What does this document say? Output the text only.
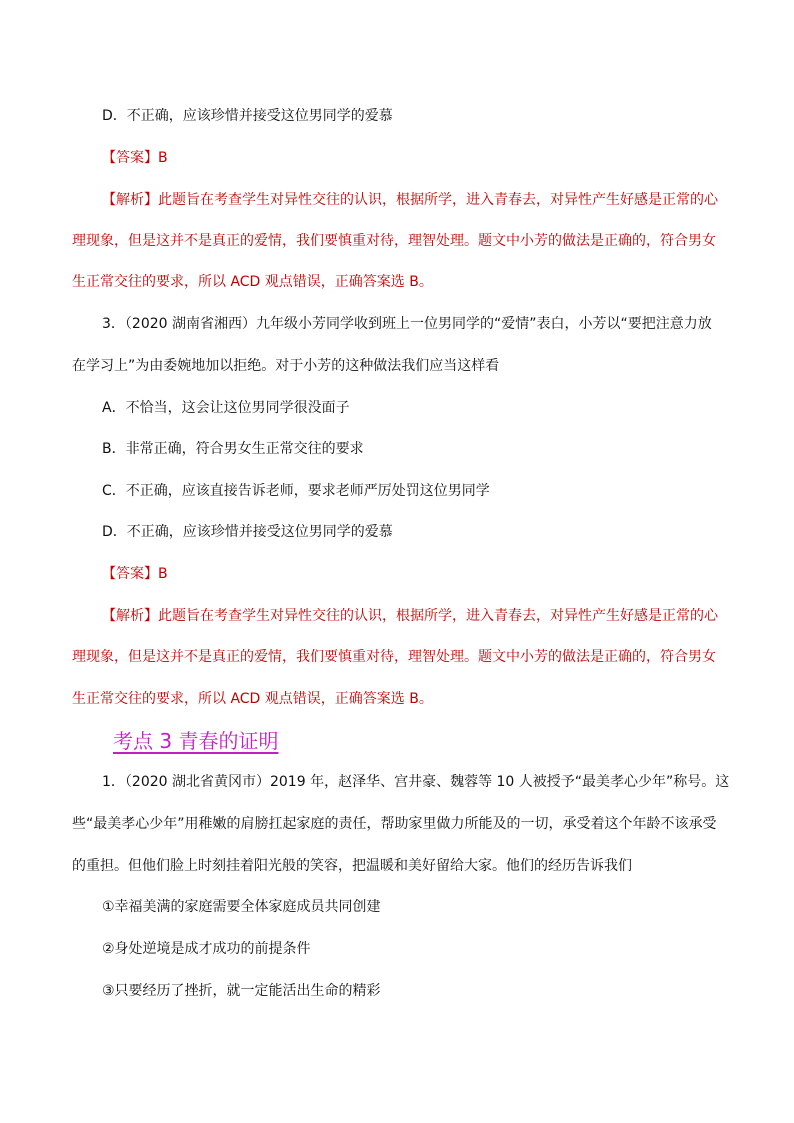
D．不正确，应该珍惜并接受这位男同学的爱慕
【答案】B
【解析】此题旨在考查学生对异性交往的认识，根据所学，进入青春去，对异性产生好感是正常的心
理现象，但是这并不是真正的爱情，我们要慎重对待，理智处理。题文中小芳的做法是正确的，符合男女
生正常交往的要求，所以 ACD 观点错误，正确答案选 B。
3．（2020 湖南省湘西）九年级小芳同学收到班上一位男同学的“爱情”表白，小芳以“要把注意力放
在学习上”为由委婉地加以拒绝。对于小芳的这种做法我们应当这样看
A．不恰当，这会让这位男同学很没面子
B．非常正确，符合男女生正常交往的要求
C．不正确，应该直接告诉老师，要求老师严厉处罚这位男同学
D．不正确，应该珍惜并接受这位男同学的爱慕
【答案】B
【解析】此题旨在考查学生对异性交往的认识，根据所学，进入青春去，对异性产生好感是正常的心
理现象，但是这并不是真正的爱情，我们要慎重对待，理智处理。题文中小芳的做法是正确的，符合男女
生正常交往的要求，所以 ACD 观点错误，正确答案选 B。
考点 3 青春的证明
1．（2020 湖北省黄冈市）2019 年，赵泽华、宫井豪、魏蓉等 10 人被授予“最美孝心少年”称号。这
些“最美孝心少年”用稚嫩的肩膀扛起家庭的责任，帮助家里做力所能及的一切，承受着这个年龄不该承受
的重担。但他们脸上时刻挂着阳光般的笑容，把温暖和美好留给大家。他们的经历告诉我们
①幸福美满的家庭需要全体家庭成员共同创建
②身处逆境是成才成功的前提条件
③只要经历了挫折，就一定能活出生命的精彩
